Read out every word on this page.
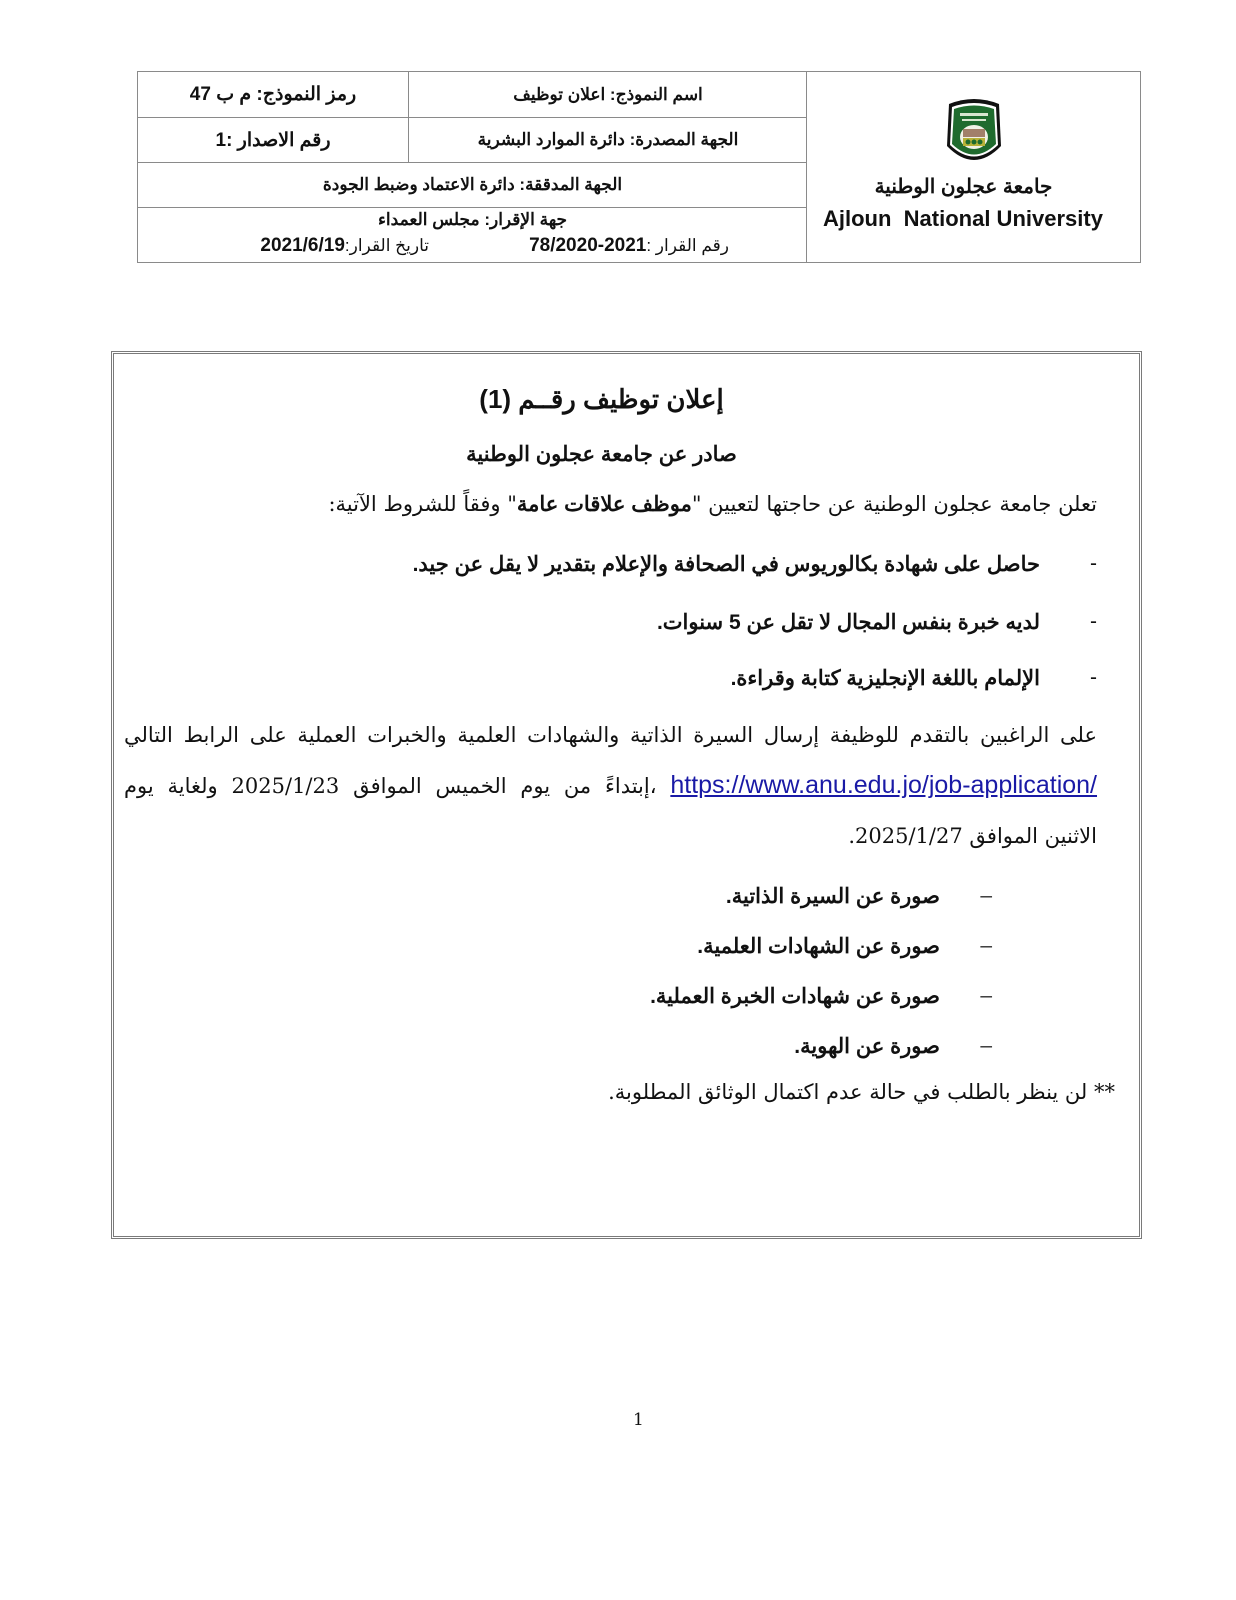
اسم النموذج: اعلان توظيف
رمز النموذج: م ب 47
الجهة المصدرة: دائرة الموارد البشرية
رقم الاصدار :1
الجهة المدققة: دائرة الاعتماد وضبط الجودة
جهة الإقرار: مجلس العمداء
رقم القرار :78/2020-2021
تاريخ القرار:2021/6/19
جامعة عجلون الوطنية
Ajloun  National University
إعلان توظيف رقــم (1)
صادر عن جامعة عجلون الوطنية
تعلن جامعة عجلون الوطنية عن حاجتها لتعيين "موظف علاقات عامة" وفقاً للشروط الآتية:
-
حاصل على شهادة بكالوريوس في الصحافة والإعلام بتقدير لا يقل عن جيد.
-
لديه خبرة بنفس المجال لا تقل عن 5 سنوات.
-
الإلمام باللغة الإنجليزية كتابة وقراءة.
على الراغبين بالتقدم للوظيفة إرسال السيرة الذاتية والشهادات العلمية والخبرات العملية على الرابط التالي https://www.anu.edu.jo/job-application/ ،إبتداءً من يوم الخميس الموافق 2025/1/23 ولغاية يوم الاثنين الموافق 2025/1/27.
–
صورة عن السيرة الذاتية.
–
صورة عن الشهادات العلمية.
–
صورة عن شهادات الخبرة العملية.
–
صورة عن الهوية.
** لن ينظر بالطلب في حالة عدم اكتمال الوثائق المطلوبة.
1
